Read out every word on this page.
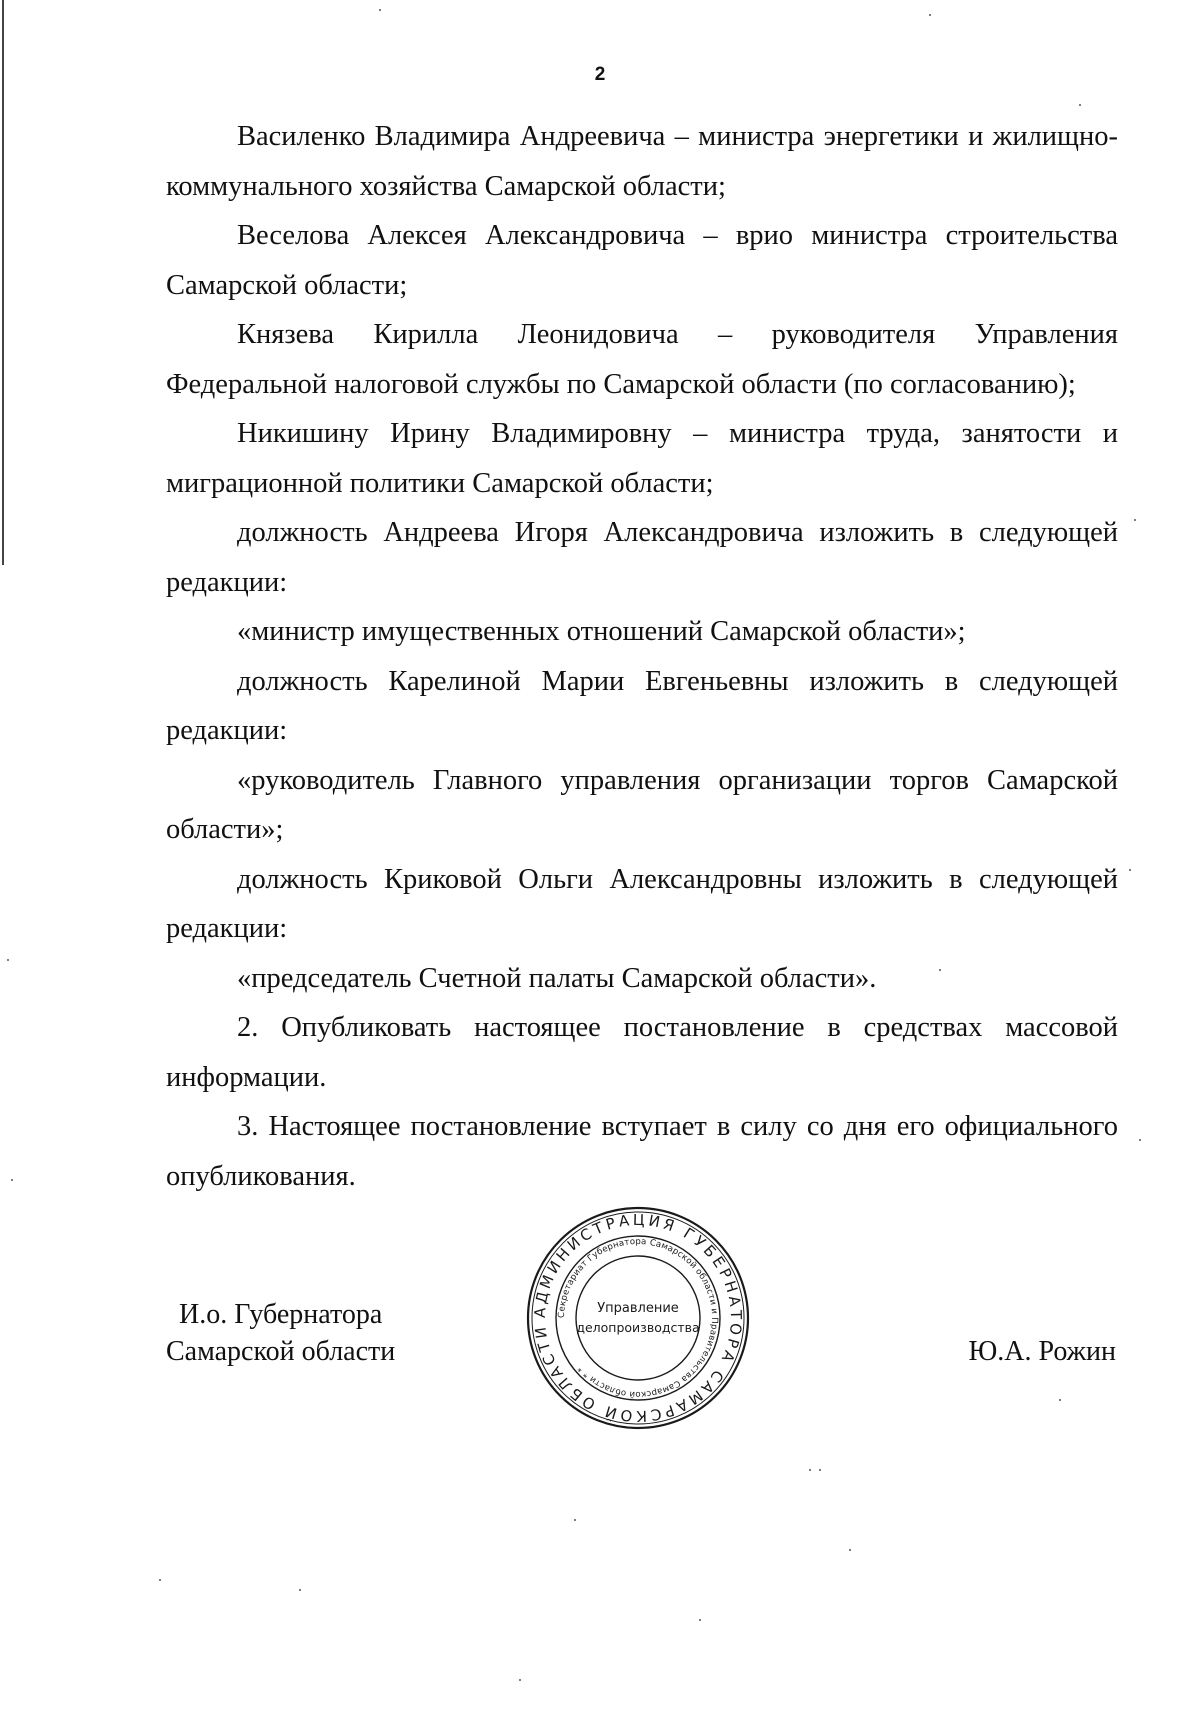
2

Василенко Владимира Андреевича – министра энергетики и жилищно-коммунального хозяйства Самарской области;

Веселова Алексея Александровича – врио министра строительства Самарской области;

Князева Кирилла Леонидовича – руководителя Управления Федеральной налоговой службы по Самарской области (по согласованию);

Никишину Ирину Владимировну – министра труда, занятости и миграционной политики Самарской области;

должность Андреева Игоря Александровича изложить в следующей редакции:

«министр имущественных отношений Самарской области»;

должность Карелиной Марии Евгеньевны изложить в следующей редакции:

«руководитель Главного управления организации торгов Самарской области»;

должность Криковой Ольги Александровны изложить в следующей редакции:

«председатель Счетной палаты Самарской области».

2. Опубликовать настоящее постановление в средствах массовой информации.

3. Настоящее постановление вступает в силу со дня его официального опубликования.

И.о. Губернатора
Самарской области	Ю.А. Рожин
АДМИНИСТРАЦИЯ ГУБЕРНАТОРА САМАРСКОЙ ОБЛАСТИ
Секретариат Губернатора Самарской области и Правительства Самарской области * *
Управление
делопроизводства
